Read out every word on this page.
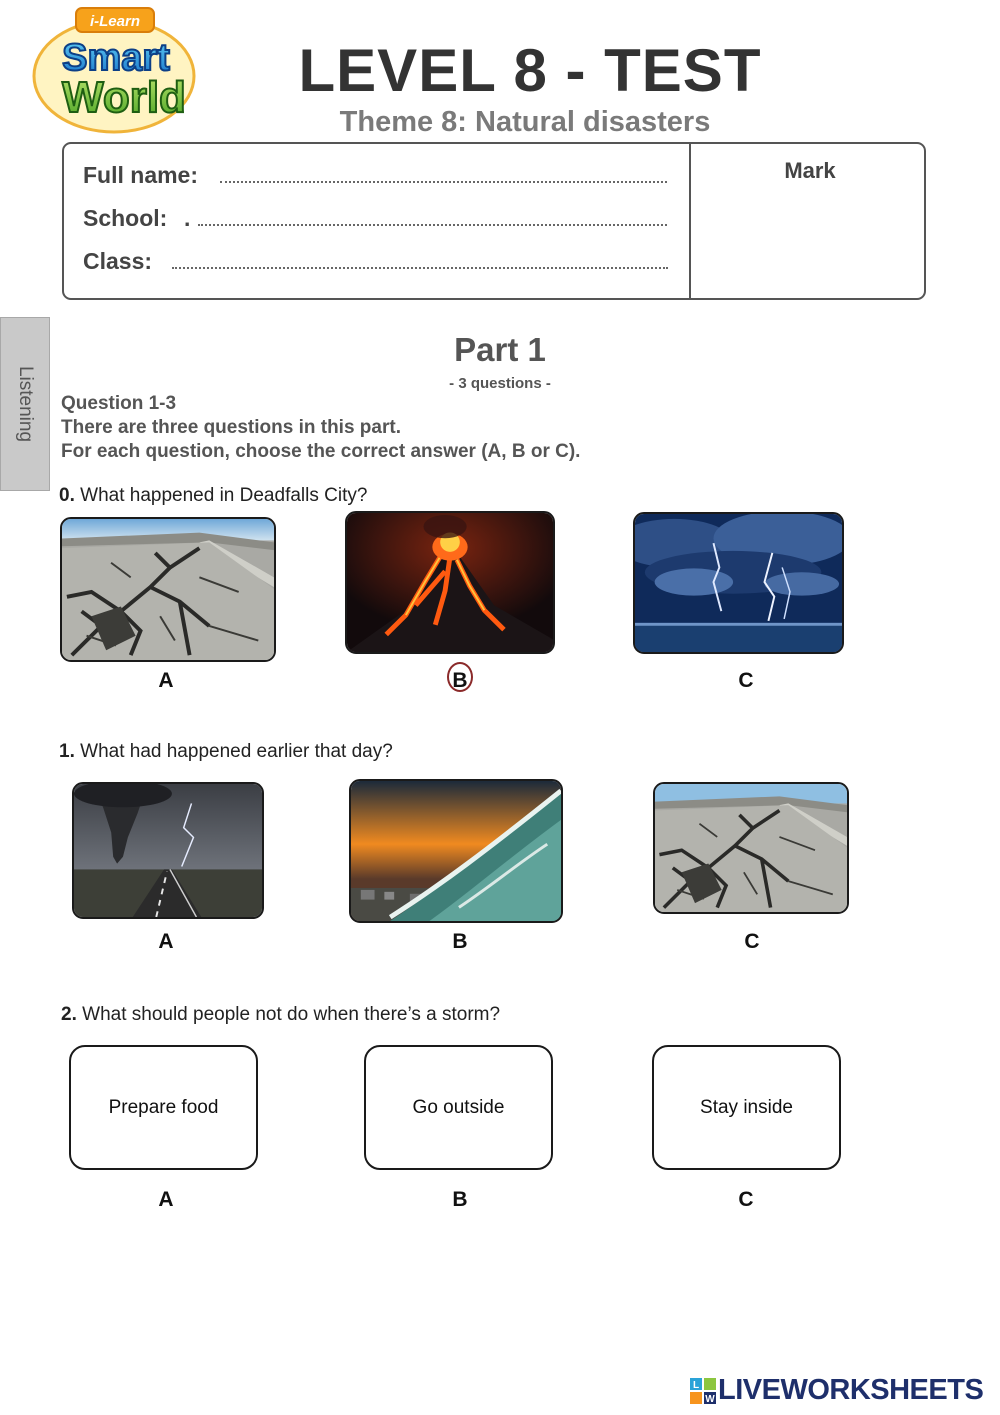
i-Learn
Smart
World	LEVEL 8 - TEST
Theme 8: Natural disasters
Full name:
School: .
Class:
Mark
Listening
Part 1
- 3 questions -
Question 1-3
There are three questions in this part.
For each question, choose the correct answer (A, B or C).
0. What happened in Deadfalls City?
A	B	C
1. What had happened earlier that day?
A	B	C
2. What should people not do when there’s a storm?
Prepare food
A
Go outside
B
Stay inside
C
L
W LIVEWORKSHEETS
